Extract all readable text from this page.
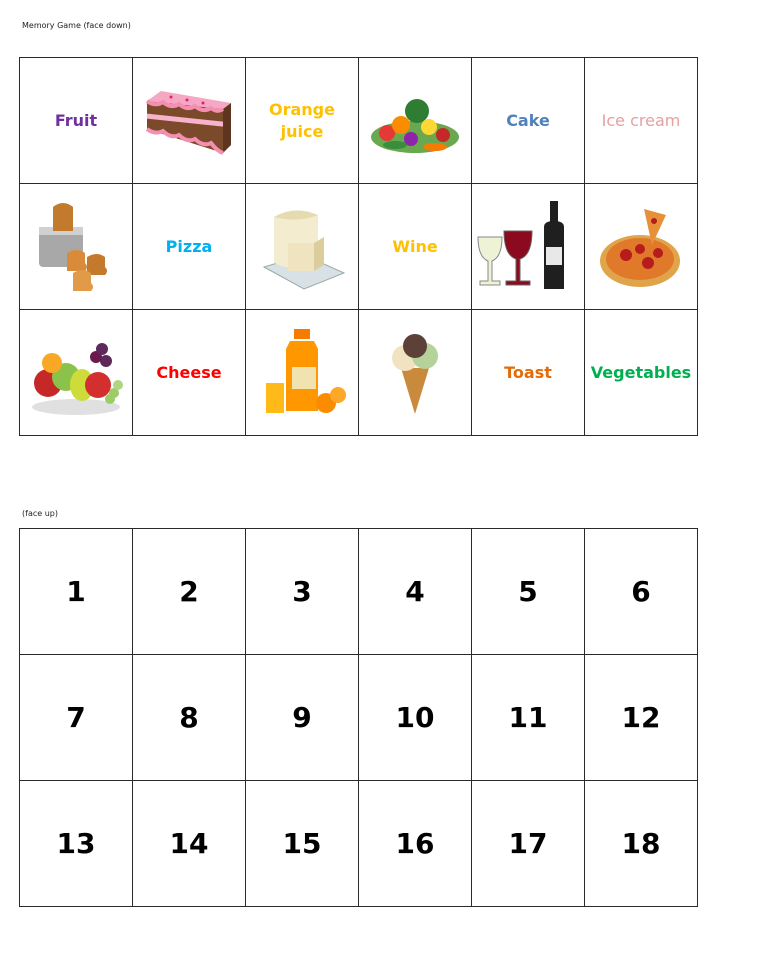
Memory Game (face down)
Fruit		Orange juice		Cake	Ice cream

	Pizza		Wine	

	Cheese			Toast	Vegetables
(face up)
1	2	3	4	5	6
7	8	9	10	11	12
13	14	15	16	17	18
